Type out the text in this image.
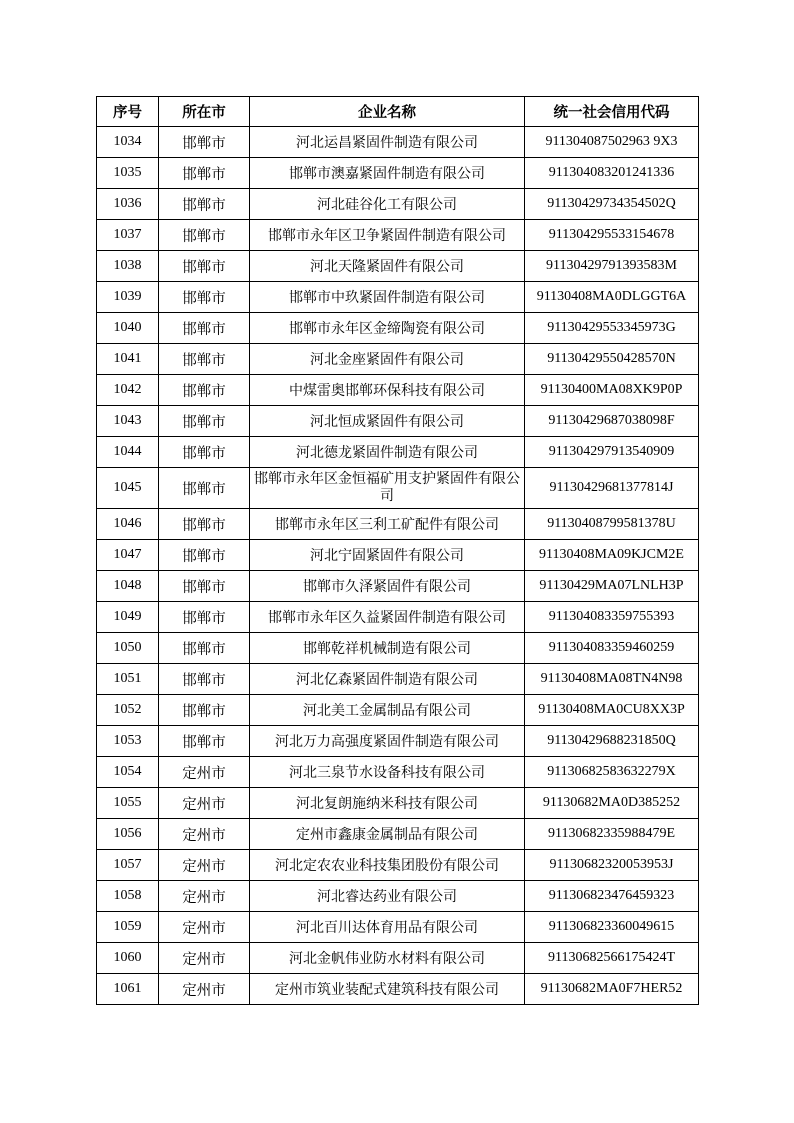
序号	所在市	企业名称	统一社会信用代码
1034	邯郸市	河北运昌紧固件制造有限公司	911304087502963 9X3
1035	邯郸市	邯郸市澳嘉紧固件制造有限公司	911304083201241336
1036	邯郸市	河北硅谷化工有限公司	91130429734354502Q
1037	邯郸市	邯郸市永年区卫争紧固件制造有限公司	911304295533154678
1038	邯郸市	河北天隆紧固件有限公司	91130429791393583M
1039	邯郸市	邯郸市中玖紧固件制造有限公司	91130408MA0DLGGT6A
1040	邯郸市	邯郸市永年区金缔陶瓷有限公司	91130429553345973G
1041	邯郸市	河北金座紧固件有限公司	91130429550428570N
1042	邯郸市	中煤雷奥邯郸环保科技有限公司	91130400MA08XK9P0P
1043	邯郸市	河北恒成紧固件有限公司	91130429687038098F
1044	邯郸市	河北德龙紧固件制造有限公司	911304297913540909
1045	邯郸市	邯郸市永年区金恒福矿用支护紧固件有限公司	91130429681377814J
1046	邯郸市	邯郸市永年区三利工矿配件有限公司	91130408799581378U
1047	邯郸市	河北宁固紧固件有限公司	91130408MA09KJCM2E
1048	邯郸市	邯郸市久泽紧固件有限公司	91130429MA07LNLH3P
1049	邯郸市	邯郸市永年区久益紧固件制造有限公司	911304083359755393
1050	邯郸市	邯郸乾祥机械制造有限公司	911304083359460259
1051	邯郸市	河北亿森紧固件制造有限公司	91130408MA08TN4N98
1052	邯郸市	河北美工金属制品有限公司	91130408MA0CU8XX3P
1053	邯郸市	河北万力高强度紧固件制造有限公司	91130429688231850Q
1054	定州市	河北三泉节水设备科技有限公司	91130682583632279X
1055	定州市	河北复朗施纳米科技有限公司	91130682MA0D385252
1056	定州市	定州市鑫康金属制品有限公司	91130682335988479E
1057	定州市	河北定农农业科技集团股份有限公司	91130682320053953J
1058	定州市	河北睿达药业有限公司	911306823476459323
1059	定州市	河北百川达体育用品有限公司	911306823360049615
1060	定州市	河北金帆伟业防水材料有限公司	91130682566175424T
1061	定州市	定州市筑业装配式建筑科技有限公司	91130682MA0F7HER52
